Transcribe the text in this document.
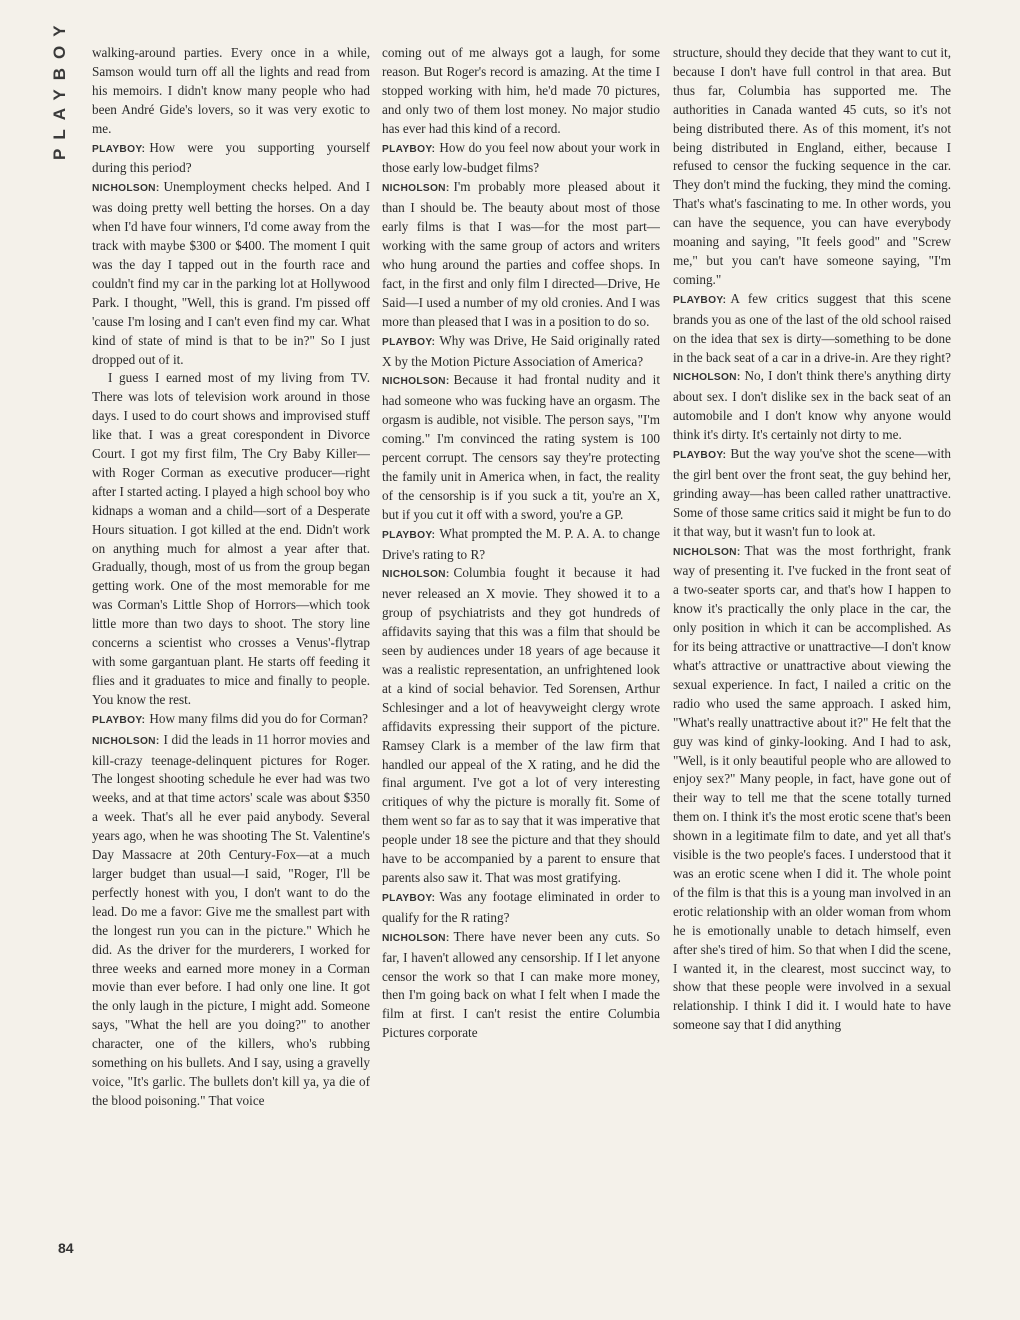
PLAYBOY
84

walking-around parties. Every once in a while, Samson would turn off all the lights and read from his memoirs. I didn't know many people who had been André Gide's lovers, so it was very exotic to me.

PLAYBOY: How were you supporting yourself during this period?

NICHOLSON: Unemployment checks helped. And I was doing pretty well betting the horses. On a day when I'd have four winners, I'd come away from the track with maybe $300 or $400. The moment I quit was the day I tapped out in the fourth race and couldn't find my car in the parking lot at Hollywood Park. I thought, "Well, this is grand. I'm pissed off 'cause I'm losing and I can't even find my car. What kind of state of mind is that to be in?" So I just dropped out of it.

I guess I earned most of my living from TV. There was lots of television work around in those days. I used to do court shows and improvised stuff like that. I was a great corespondent in Divorce Court. I got my first film, The Cry Baby Killer—with Roger Corman as executive producer—right after I started acting. I played a high school boy who kidnaps a woman and a child—sort of a Desperate Hours situation. I got killed at the end. Didn't work on anything much for almost a year after that. Gradually, though, most of us from the group began getting work. One of the most memorable for me was Corman's Little Shop of Horrors—which took little more than two days to shoot. The story line concerns a scientist who crosses a Venus'-flytrap with some gargantuan plant. He starts off feeding it flies and it graduates to mice and finally to people. You know the rest.

PLAYBOY: How many films did you do for Corman?

NICHOLSON: I did the leads in 11 horror movies and kill-crazy teenage-delinquent pictures for Roger. The longest shooting schedule he ever had was two weeks, and at that time actors' scale was about $350 a week. That's all he ever paid anybody. Several years ago, when he was shooting The St. Valentine's Day Massacre at 20th Century-Fox—at a much larger budget than usual—I said, "Roger, I'll be perfectly honest with you, I don't want to do the lead. Do me a favor: Give me the smallest part with the longest run you can in the picture." Which he did. As the driver for the murderers, I worked for three weeks and earned more money in a Corman movie than ever before. I had only one line. It got the only laugh in the picture, I might add. Someone says, "What the hell are you doing?" to another character, one of the killers, who's rubbing something on his bullets. And I say, using a gravelly voice, "It's garlic. The bullets don't kill ya, ya die of the blood poisoning." That voice

coming out of me always got a laugh, for some reason. But Roger's record is amazing. At the time I stopped working with him, he'd made 70 pictures, and only two of them lost money. No major studio has ever had this kind of a record.

PLAYBOY: How do you feel now about your work in those early low-budget films?

NICHOLSON: I'm probably more pleased about it than I should be. The beauty about most of those early films is that I was—for the most part—working with the same group of actors and writers who hung around the parties and coffee shops. In fact, in the first and only film I directed—Drive, He Said—I used a number of my old cronies. And I was more than pleased that I was in a position to do so.

PLAYBOY: Why was Drive, He Said originally rated X by the Motion Picture Association of America?

NICHOLSON: Because it had frontal nudity and it had someone who was fucking have an orgasm. The orgasm is audible, not visible. The person says, "I'm coming." I'm convinced the rating system is 100 percent corrupt. The censors say they're protecting the family unit in America when, in fact, the reality of the censorship is if you suck a tit, you're an X, but if you cut it off with a sword, you're a GP.

PLAYBOY: What prompted the M. P. A. A. to change Drive's rating to R?

NICHOLSON: Columbia fought it because it had never released an X movie. They showed it to a group of psychiatrists and they got hundreds of affidavits saying that this was a film that should be seen by audiences under 18 years of age because it was a realistic representation, an unfrightened look at a kind of social behavior. Ted Sorensen, Arthur Schlesinger and a lot of heavyweight clergy wrote affidavits expressing their support of the picture. Ramsey Clark is a member of the law firm that handled our appeal of the X rating, and he did the final argument. I've got a lot of very interesting critiques of why the picture is morally fit. Some of them went so far as to say that it was imperative that people under 18 see the picture and that they should have to be accompanied by a parent to ensure that parents also saw it. That was most gratifying.

PLAYBOY: Was any footage eliminated in order to qualify for the R rating?

NICHOLSON: There have never been any cuts. So far, I haven't allowed any censorship. If I let anyone censor the work so that I can make more money, then I'm going back on what I felt when I made the film at first. I can't resist the entire Columbia Pictures corporate

structure, should they decide that they want to cut it, because I don't have full control in that area. But thus far, Columbia has supported me. The authorities in Canada wanted 45 cuts, so it's not being distributed there. As of this moment, it's not being distributed in England, either, because I refused to censor the fucking sequence in the car. They don't mind the fucking, they mind the coming. That's what's fascinating to me. In other words, you can have the sequence, you can have everybody moaning and saying, "It feels good" and "Screw me," but you can't have someone saying, "I'm coming."

PLAYBOY: A few critics suggest that this scene brands you as one of the last of the old school raised on the idea that sex is dirty—something to be done in the back seat of a car in a drive-in. Are they right?

NICHOLSON: No, I don't think there's anything dirty about sex. I don't dislike sex in the back seat of an automobile and I don't know why anyone would think it's dirty. It's certainly not dirty to me.

PLAYBOY: But the way you've shot the scene—with the girl bent over the front seat, the guy behind her, grinding away—has been called rather unattractive. Some of those same critics said it might be fun to do it that way, but it wasn't fun to look at.

NICHOLSON: That was the most forthright, frank way of presenting it. I've fucked in the front seat of a two-seater sports car, and that's how I happen to know it's practically the only place in the car, the only position in which it can be accomplished. As for its being attractive or unattractive—I don't know what's attractive or unattractive about viewing the sexual experience. In fact, I nailed a critic on the radio who used the same approach. I asked him, "What's really unattractive about it?" He felt that the guy was kind of ginky-looking. And I had to ask, "Well, is it only beautiful people who are allowed to enjoy sex?" Many people, in fact, have gone out of their way to tell me that the scene totally turned them on. I think it's the most erotic scene that's been shown in a legitimate film to date, and yet all that's visible is the two people's faces. I understood that it was an erotic scene when I did it. The whole point of the film is that this is a young man involved in an erotic relationship with an older woman from whom he is emotionally unable to detach himself, even after she's tired of him. So that when I did the scene, I wanted it, in the clearest, most succinct way, to show that these people were involved in a sexual relationship. I think I did it. I would hate to have someone say that I did anything
